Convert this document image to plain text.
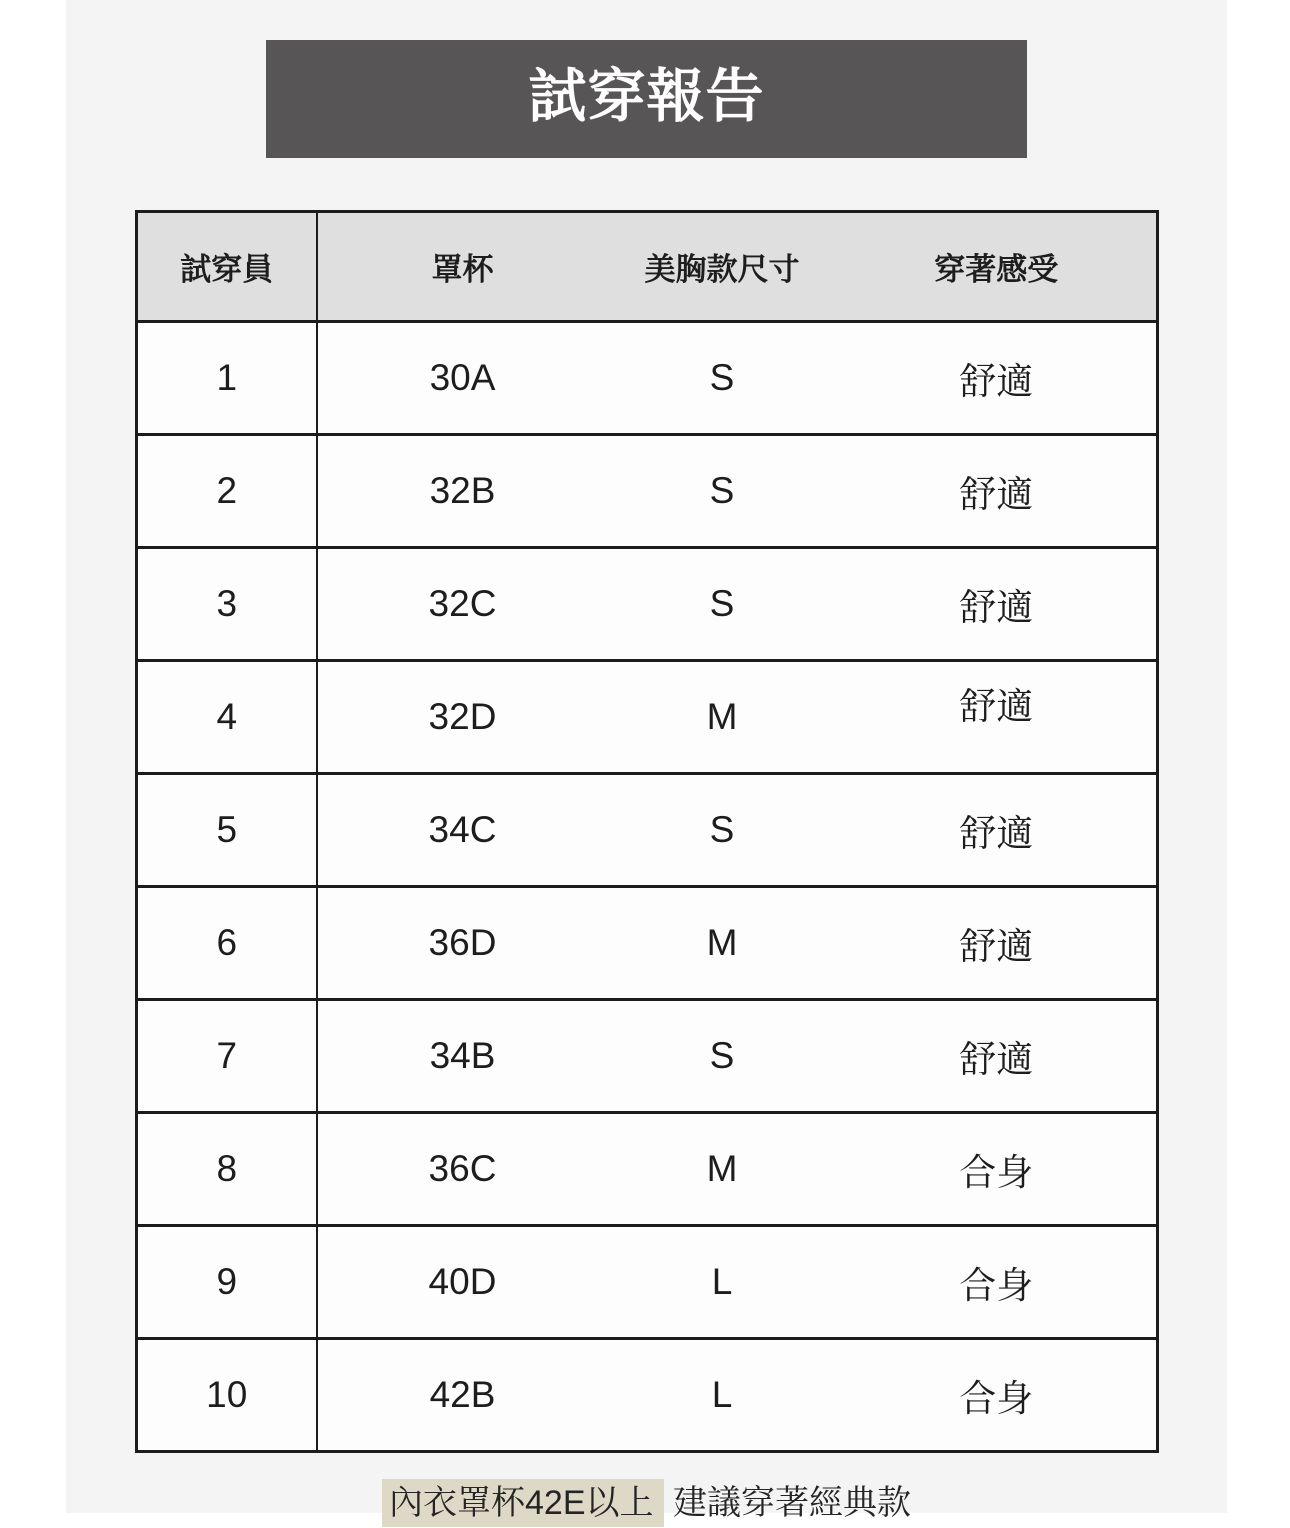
試穿報告
試穿員	罩杯	美胸款尺寸	穿著感受
1	30A	S	舒適
2	32B	S	舒適
3	32C	S	舒適
4	32D	M	舒適
5	34C	S	舒適
6	36D	M	舒適
7	34B	S	舒適
8	36C	M	合身
9	40D	L	合身
10	42B	L	合身
內衣罩杯42E以上 建議穿著經典款
